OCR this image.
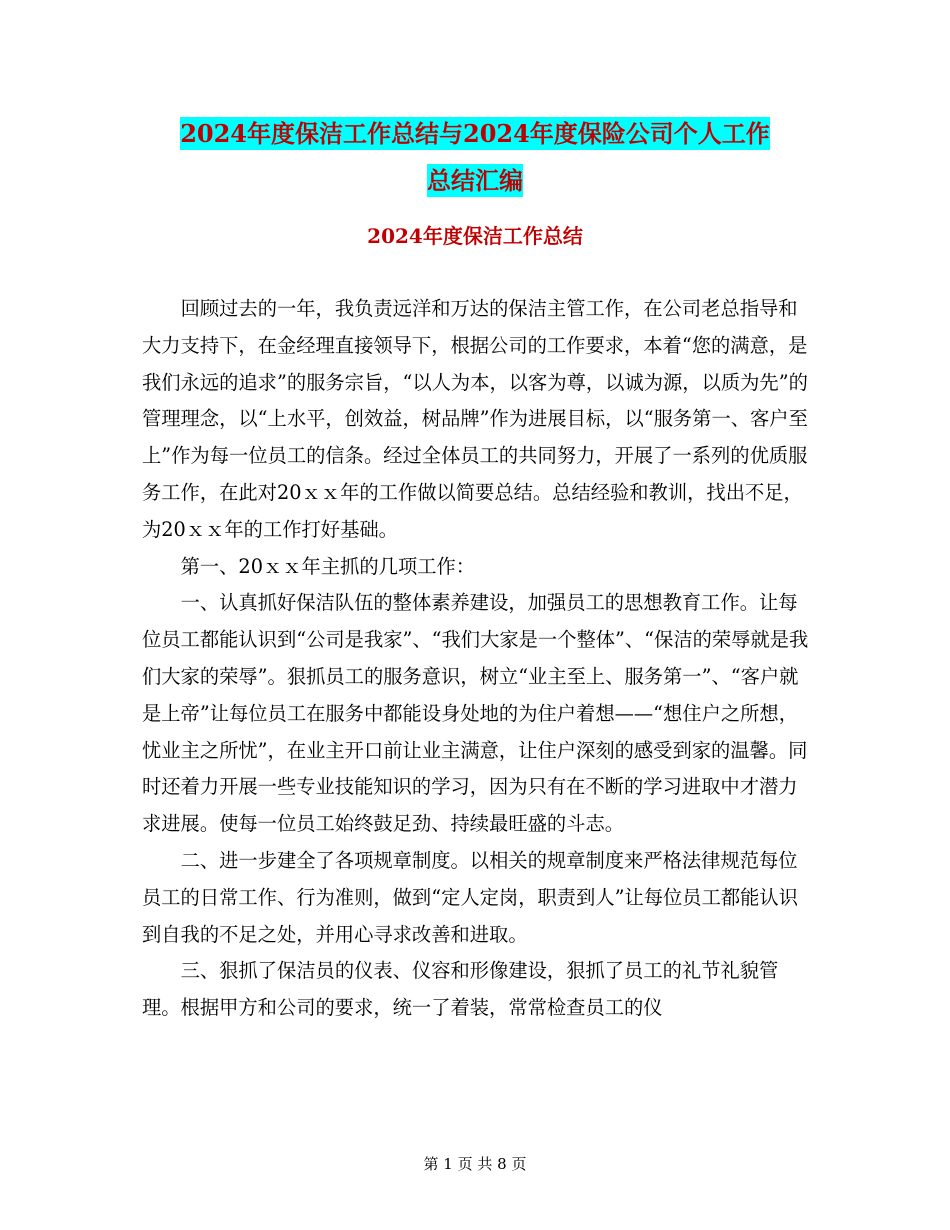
2024年度保洁工作总结与2024年度保险公司个人工作
总结汇编
2024年度保洁工作总结

回顾过去的一年，我负责远洋和万达的保洁主管工作，在公司老总指导和大力支持下，在金经理直接领导下，根据公司的工作要求，本着“您的满意，是我们永远的追求”的服务宗旨，“以人为本，以客为尊，以诚为源，以质为先”的管理理念，以“上水平，创效益，树品牌”作为进展目标，以“服务第一、客户至上”作为每一位员工的信条。经过全体员工的共同努力，开展了一系列的优质服务工作，在此对20ｘｘ年的工作做以简要总结。总结经验和教训，找出不足，为20ｘｘ年的工作打好基础。

第一、20ｘｘ年主抓的几项工作：

一、认真抓好保洁队伍的整体素养建设，加强员工的思想教育工作。让每位员工都能认识到“公司是我家”、“我们大家是一个整体”、“保洁的荣辱就是我们大家的荣辱”。狠抓员工的服务意识，树立“业主至上、服务第一”、“客户就是上帝”让每位员工在服务中都能设身处地的为住户着想——“想住户之所想，忧业主之所忧”，在业主开口前让业主满意，让住户深刻的感受到家的温馨。同时还着力开展一些专业技能知识的学习，因为只有在不断的学习进取中才潜力求进展。使每一位员工始终鼓足劲、持续最旺盛的斗志。

二、进一步建全了各项规章制度。以相关的规章制度来严格法律规范每位员工的日常工作、行为准则，做到“定人定岗，职责到人”让每位员工都能认识到自我的不足之处，并用心寻求改善和进取。

三、狠抓了保洁员的仪表、仪容和形像建设，狠抓了员工的礼节礼貌管理。根据甲方和公司的要求，统一了着装，常常检查员工的仪

第 1 页 共 8 页
